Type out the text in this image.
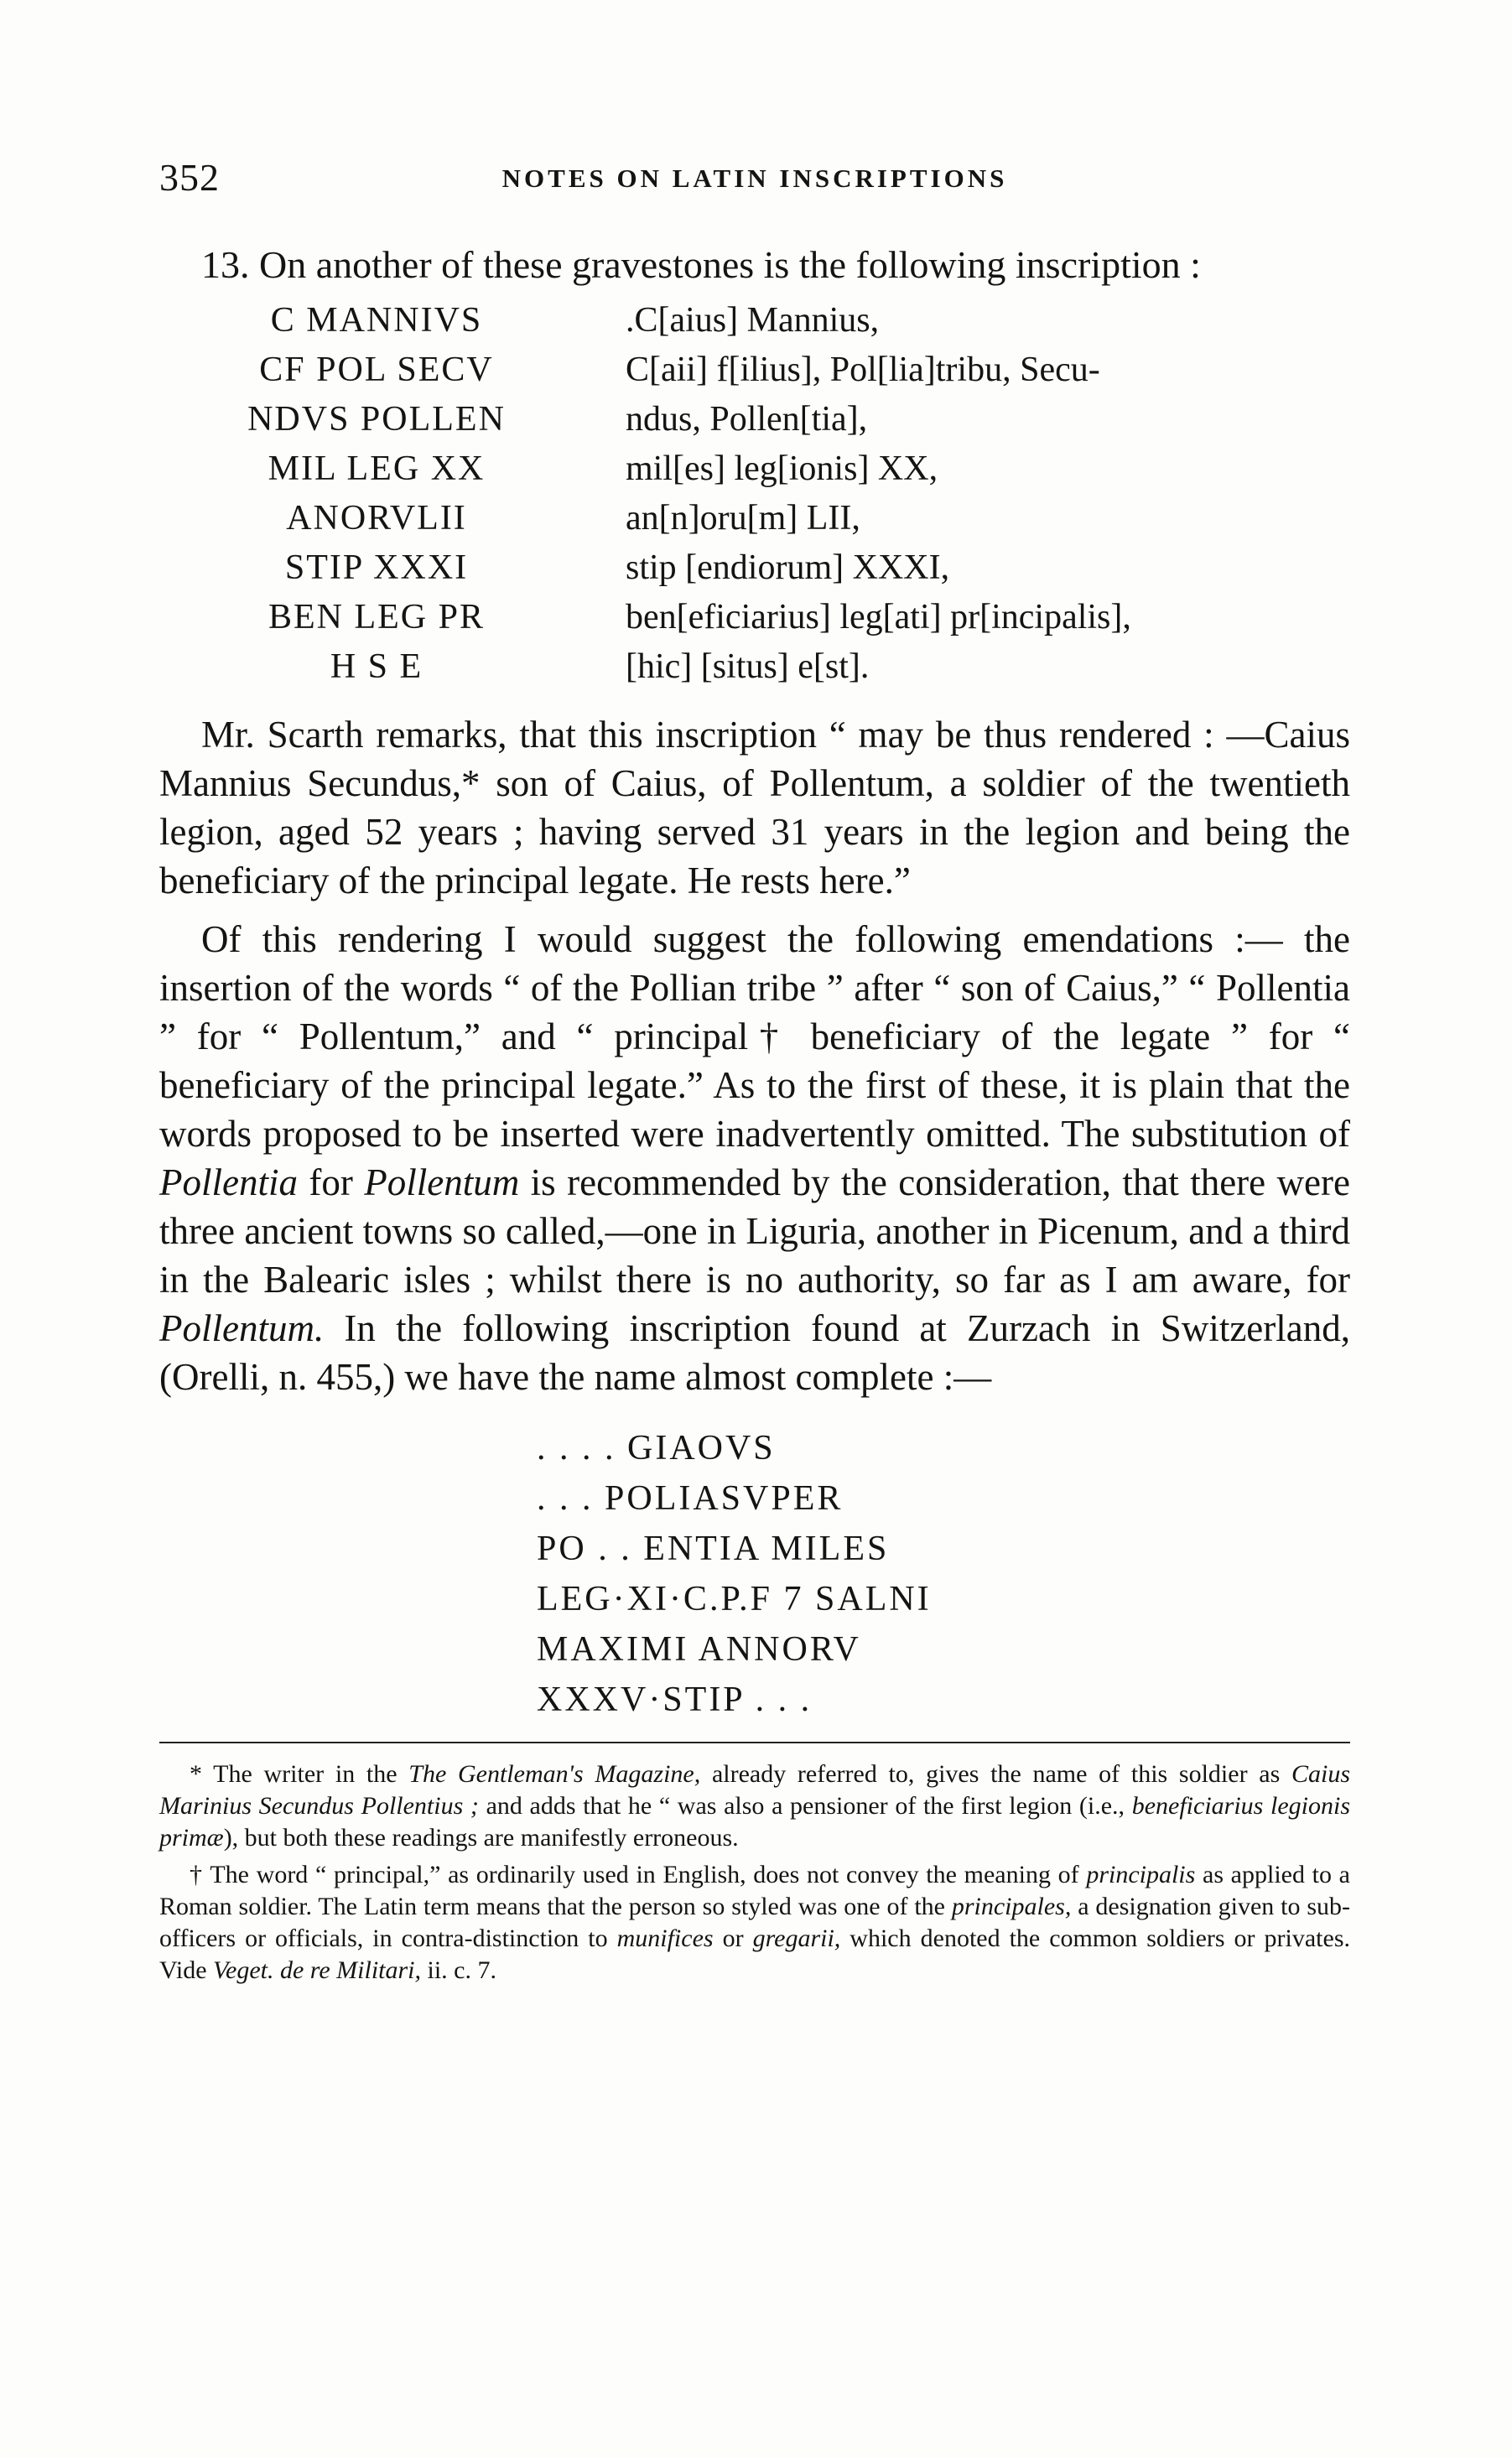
352	NOTES ON LATIN INSCRIPTIONS
13. On another of these gravestones is the following inscription :
C MANNIVS	.C[aius] Mannius,
CF POL SECV	C[aii] f[ilius], Pol[lia]tribu, Secu-
NDVS POLLEN	ndus, Pollen[tia],
MIL LEG XX	mil[es] leg[ionis] XX,
ANORVLII	an[n]oru[m] LII,
STIP XXXI	stip [endiorum] XXXI,
BEN LEG PR	ben[eficiarius] leg[ati] pr[incipalis],
H S E	[hic] [situs] e[st].

Mr. Scarth remarks, that this inscription “ may be thus rendered : —Caius Mannius Secundus,* son of Caius, of Pollentum, a soldier of the twentieth legion, aged 52 years ; having served 31 years in the legion and being the beneficiary of the principal legate. He rests here.”

Of this rendering I would suggest the following emendations :— the insertion of the words “ of the Pollian tribe ” after “ son of Caius,” “ Pollentia ” for “ Pollentum,” and “ principal† beneficiary of the legate ” for “ beneficiary of the principal legate.” As to the first of these, it is plain that the words proposed to be inserted were inadvertently omitted. The substitution of Pollentia for Pollentum is recommended by the consideration, that there were three ancient towns so called,—one in Liguria, another in Picenum, and a third in the Balearic isles ; whilst there is no authority, so far as I am aware, for Pollentum. In the following inscription found at Zurzach in Switzerland, (Orelli, n. 455,) we have the name almost complete :—

. . . . GIAOVS
. . . POLIASVPER
PO . . ENTIA MILES
LEG·XI·C.P.F 7 SALNI
MAXIMI ANNORV
XXXV·STIP . . .

* The writer in the The Gentleman's Magazine, already referred to, gives the name of this soldier as Caius Marinius Secundus Pollentius ; and adds that he “ was also a pensioner of the first legion (i.e., beneficiarius legionis primæ), but both these readings are manifestly erroneous.

† The word “ principal,” as ordinarily used in English, does not convey the meaning of principalis as applied to a Roman soldier. The Latin term means that the person so styled was one of the principales, a designation given to sub-officers or officials, in contra-distinction to munifices or gregarii, which denoted the common soldiers or privates. Vide Veget. de re Militari, ii. c. 7.
